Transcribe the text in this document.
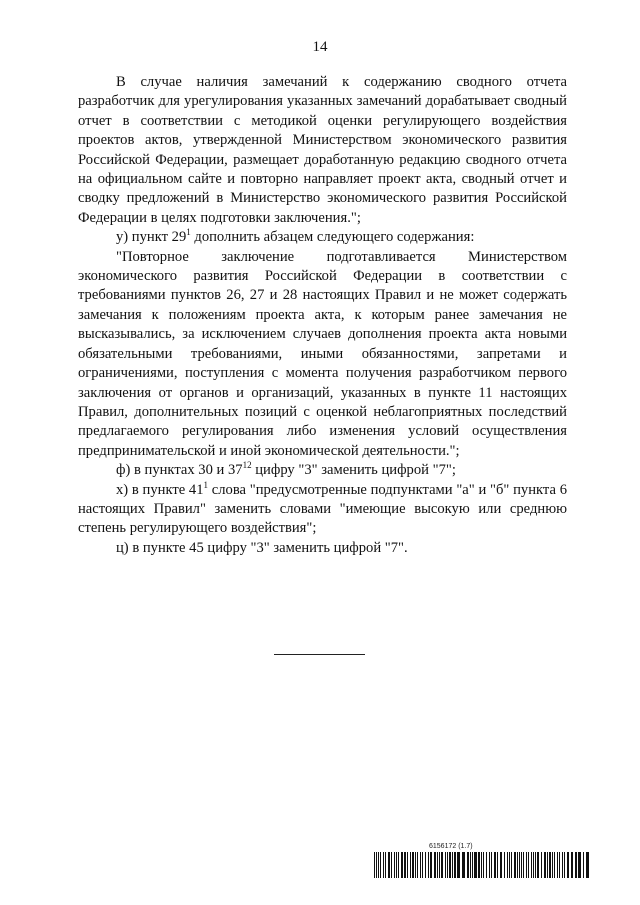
14

В случае наличия замечаний к содержанию сводного отчета разработчик для урегулирования указанных замечаний дорабатывает сводный отчет в соответствии с методикой оценки регулирующего воздействия проектов актов, утвержденной Министерством экономического развития Российской Федерации, размещает доработанную редакцию сводного отчета на официальном сайте и повторно направляет проект акта, сводный отчет и сводку предложений в Министерство экономического развития Российской Федерации в целях подготовки заключения.";

у) пункт $29^1$ дополнить абзацем следующего содержания:

"Повторное заключение подготавливается Министерством экономического развития Российской Федерации в соответствии с требованиями пунктов 26, 27 и 28 настоящих Правил и не может содержать замечания к положениям проекта акта, к которым ранее замечания не высказывались, за исключением случаев дополнения проекта акта новыми обязательными требованиями, иными обязанностями, запретами и ограничениями, поступления с момента получения разработчиком первого заключения от органов и организаций, указанных в пункте 11 настоящих Правил, дополнительных позиций с оценкой неблагоприятных последствий предлагаемого регулирования либо изменения условий осуществления предпринимательской и иной экономической деятельности.";

ф) в пунктах 30 и $37^{12}$ цифру "3" заменить цифрой "7";

х) в пункте $41^1$ слова "предусмотренные подпунктами "а" и "б" пункта 6 настоящих Правил" заменить словами "имеющие высокую или среднюю степень регулирующего воздействия";

ц) в пункте 45 цифру "3" заменить цифрой "7".

6156172 (1.7)
